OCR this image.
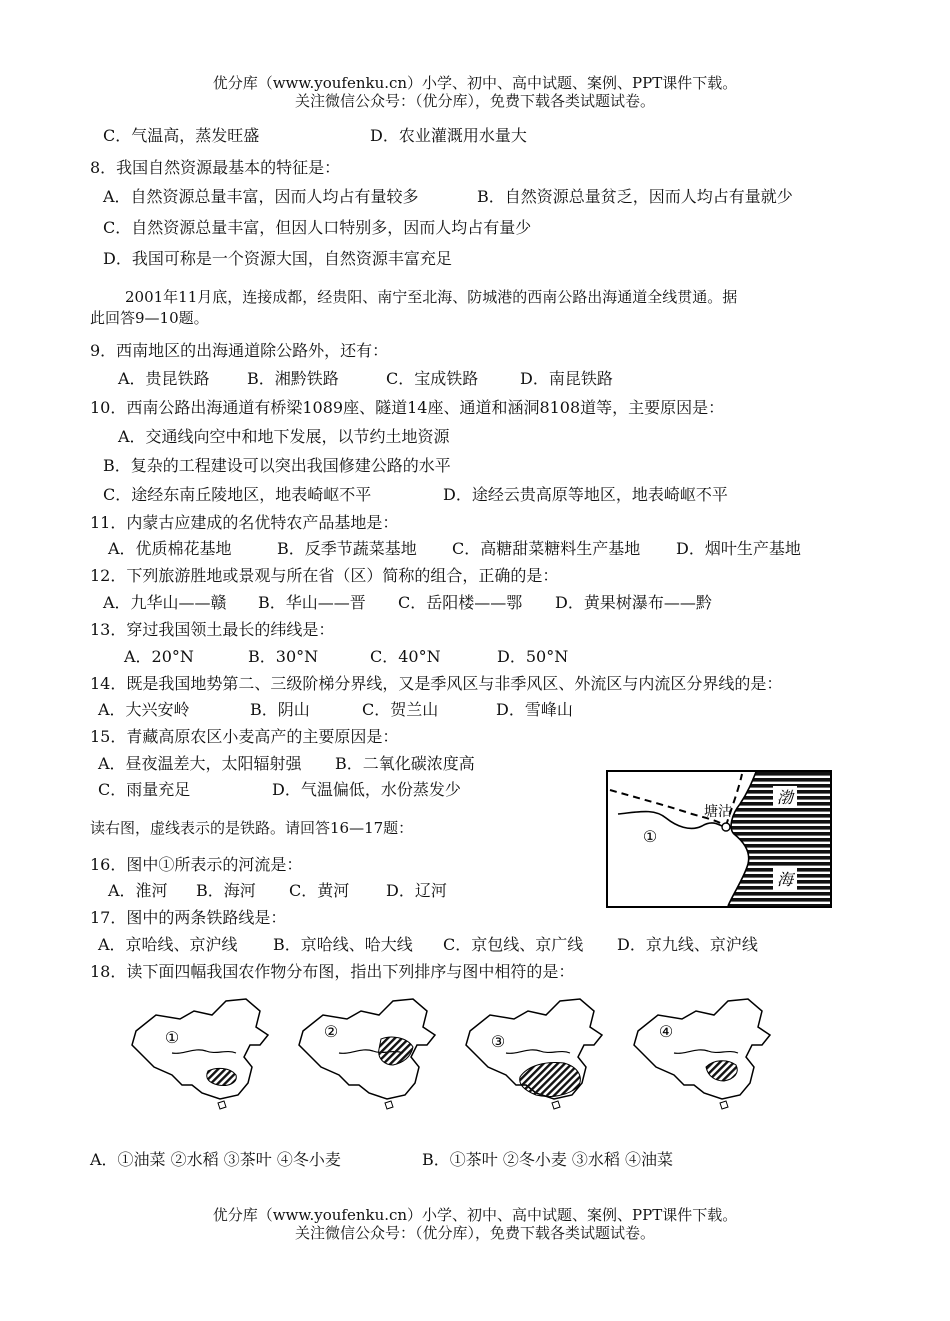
优分库（www.youfenku.cn）小学、初中、高中试题、案例、PPT课件下载。
关注微信公众号：（优分库），免费下载各类试题试卷。
C．气温高，蒸发旺盛	D．农业灌溉用水量大
8．我国自然资源最基本的特征是：
A．自然资源总量丰富，因而人均占有量较多	B．自然资源总量贫乏，因而人均占有量就少
C．自然资源总量丰富，但因人口特别多，因而人均占有量少
D．我国可称是一个资源大国，自然资源丰富充足
2001年11月底，连接成都，经贵阳、南宁至北海、防城港的西南公路出海通道全线贯通。据
此回答9—10题。
9．西南地区的出海通道除公路外，还有：
A．贵昆铁路 B．湘黔铁路	C．宝成铁路	D．南昆铁路
10．西南公路出海通道有桥梁1089座、隧道14座、通道和涵洞8108道等，主要原因是：
A．交通线向空中和地下发展，以节约土地资源
B．复杂的工程建设可以突出我国修建公路的水平
C．途经东南丘陵地区，地表崎岖不平	D．途经云贵高原等地区，地表崎岖不平
11．内蒙古应建成的名优特农产品基地是：
A．优质棉花基地	B．反季节蔬菜基地 C．高糖甜菜糖料生产基地 D．烟叶生产基地
12．下列旅游胜地或景观与所在省（区）简称的组合，正确的是：
A．九华山——赣 B．华山——晋 C．岳阳楼——鄂 D．黄果树瀑布——黔
13．穿过我国领土最长的纬线是：
A．20°N	B．30°N	C．40°N	D．50°N
14．既是我国地势第二、三级阶梯分界线，又是季风区与非季风区、外流区与内流区分界线的是：
A．大兴安岭	B．阴山	C．贺兰山	D．雪峰山
15．青藏高原农区小麦高产的主要原因是：
A．昼夜温差大，太阳辐射强 B．二氧化碳浓度高
C．雨量充足	D．气温偏低，水份蒸发少	渤
海
塘沽
①
读右图，虚线表示的是铁路。请回答16—17题：
16．图中①所表示的河流是：
A．淮河 B．海河 C．黄河 D．辽河
17．图中的两条铁路线是：
A．京哈线、京沪线 B．京哈线、哈大线 C．京包线、京广线 D．京九线、京沪线
18．读下面四幅我国农作物分布图，指出下列排序与图中相符的是：
①	②
③
④
A．①油菜 ②水稻 ③茶叶 ④冬小麦	B．①茶叶 ②冬小麦 ③水稻 ④油菜
优分库（www.youfenku.cn）小学、初中、高中试题、案例、PPT课件下载。
关注微信公众号：（优分库），免费下载各类试题试卷。
